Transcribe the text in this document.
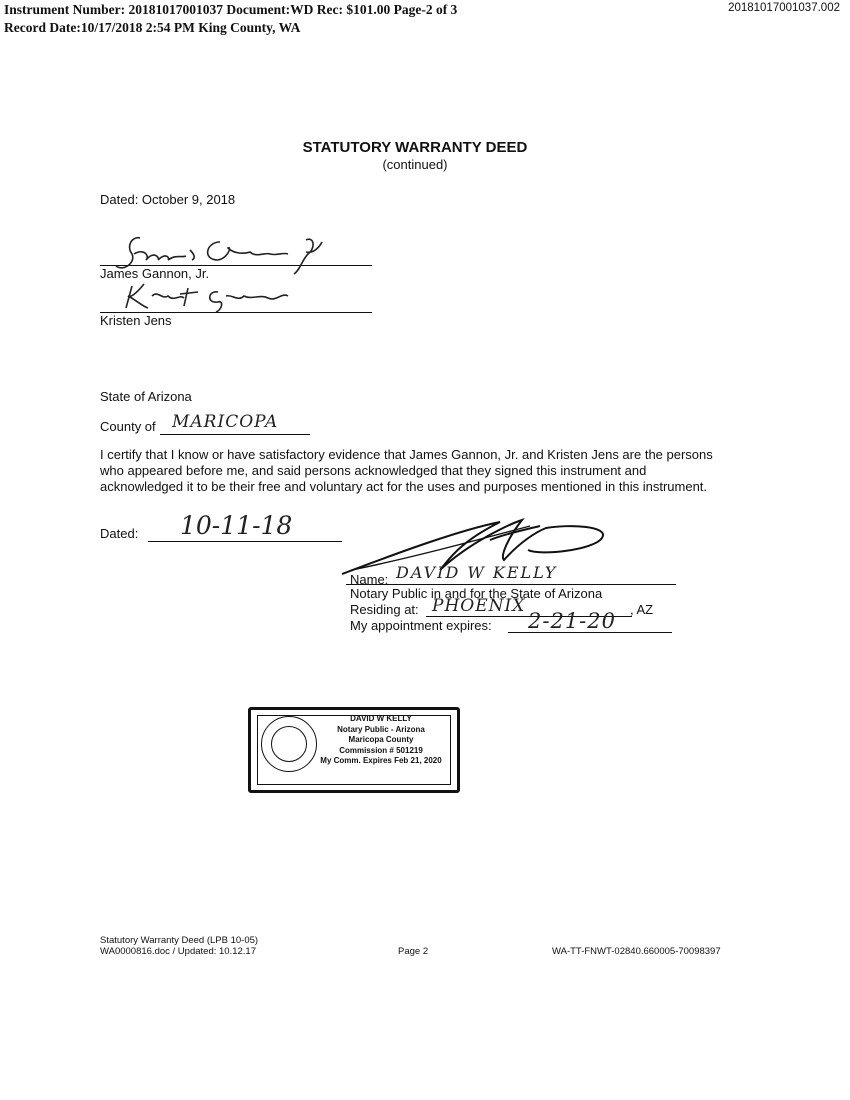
Instrument Number: 20181017001037 Document:WD Rec: $101.00 Page-2 of 3
Record Date:10/17/2018 2:54 PM King County, WA
20181017001037.002
STATUTORY WARRANTY DEED
(continued)
Dated: October 9, 2018
James Gannon, Jr.
Kristen Jens
State of Arizona
County of MARICOPA
I certify that I know or have satisfactory evidence that James Gannon, Jr. and Kristen Jens are the persons who appeared before me, and said persons acknowledged that they signed this instrument and acknowledged it to be their free and voluntary act for the uses and purposes mentioned in this instrument.
Dated: 10-11-18
Name: DAVID W KELLY
Notary Public in and for the State of Arizona
Residing at: PHOENIX	, AZ
My appointment expires: 2-21-20
DAVID W KELLY
Notary Public - Arizona
Maricopa County
Commission # 501219
My Comm. Expires Feb 21, 2020
Statutory Warranty Deed (LPB 10-05)
WA0000816.doc / Updated: 10.12.17	Page 2	WA-TT-FNWT-02840.660005-70098397
